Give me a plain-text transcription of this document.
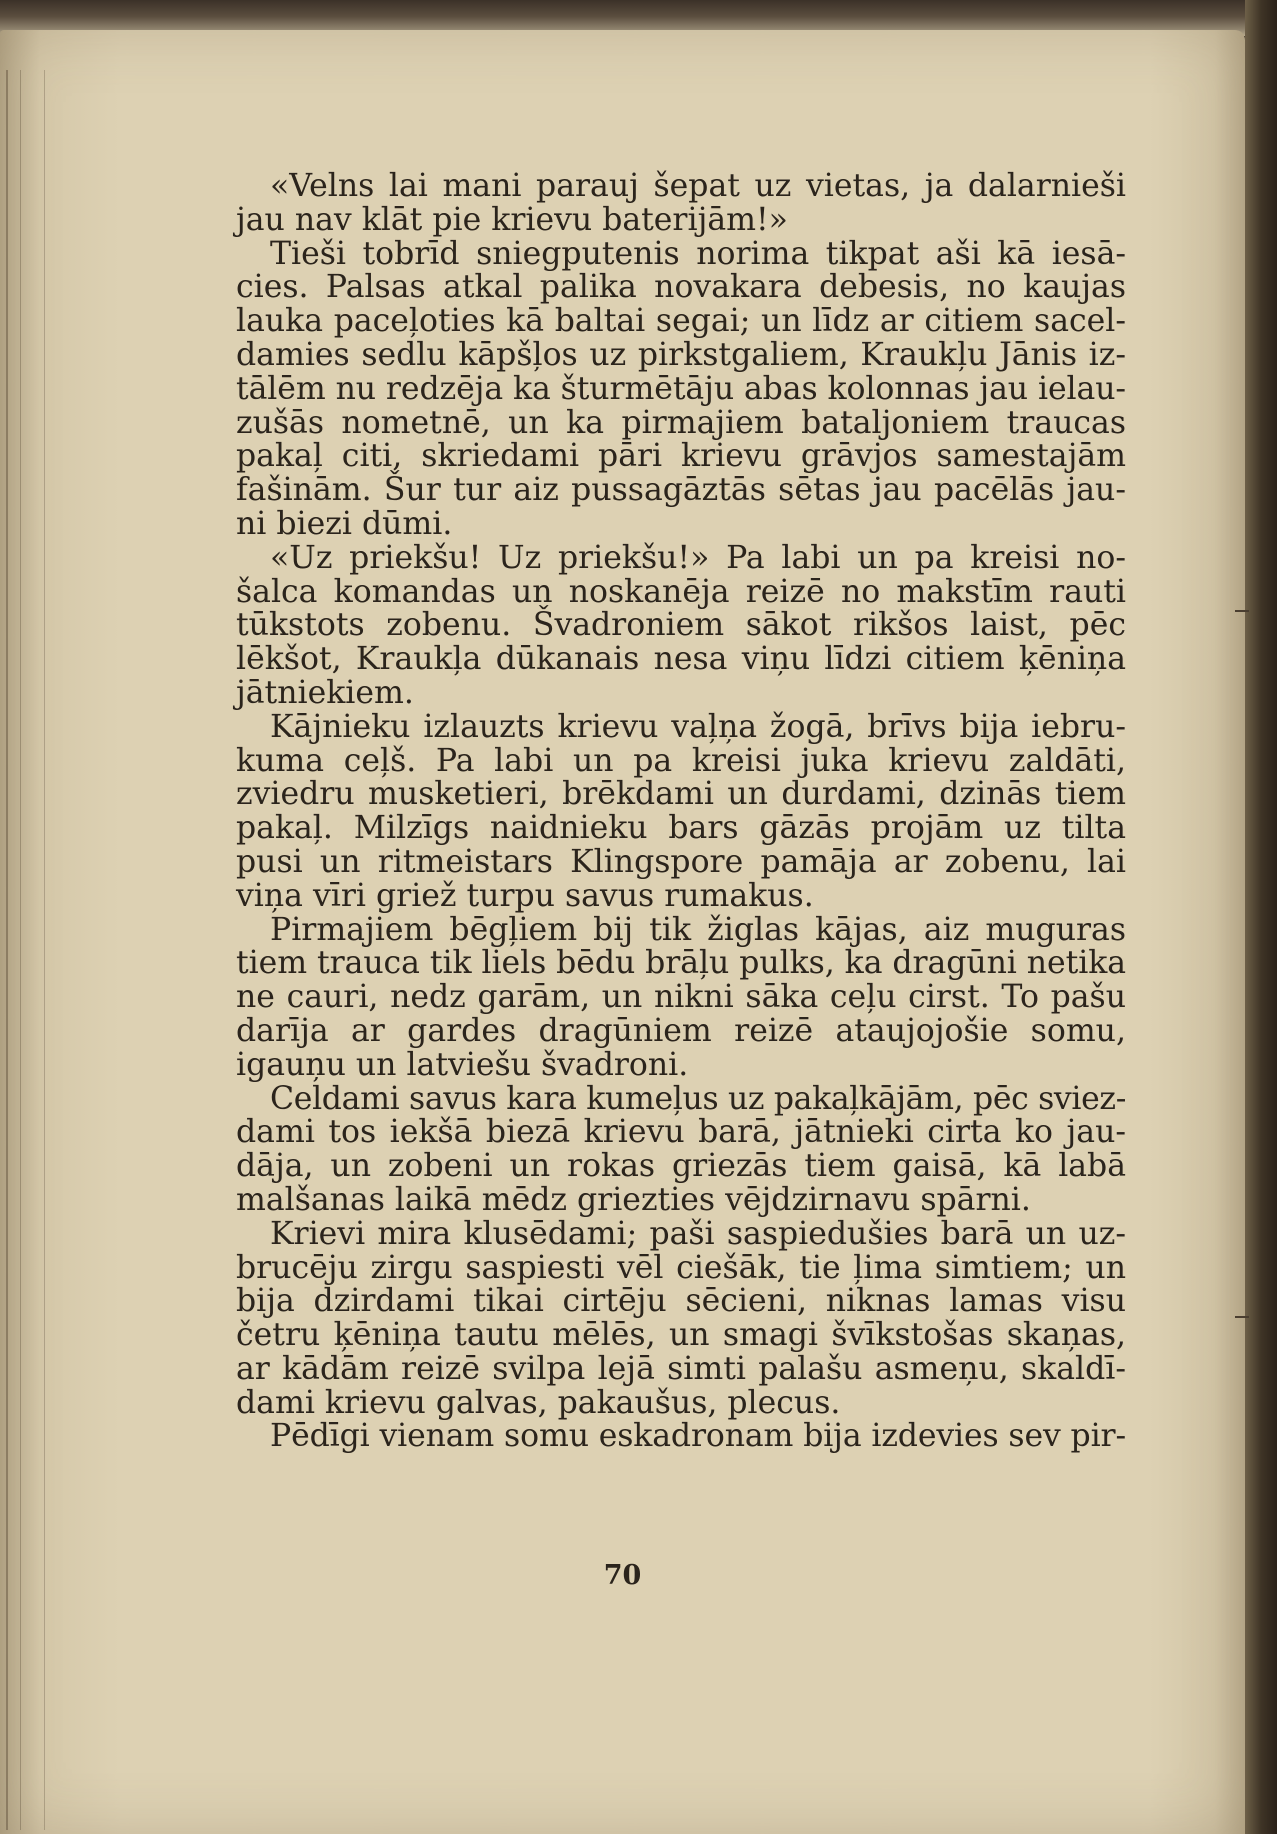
«Velns lai mani parauj šepat uz vietas, ja dalarnieši
jau nav klāt pie krievu baterijām!»
Tieši tobrīd sniegputenis norima tikpat aši kā iesā-
cies. Palsas atkal palika novakara debesis, no kaujas
lauka paceļoties kā baltai segai; un līdz ar citiem sacel-
damies sedlu kāpšļos uz pirkstgaliem, Kraukļu Jānis iz-
tālēm nu redzēja ka šturmētāju abas kolonnas jau ielau-
zušās nometnē, un ka pirmajiem bataljoniem traucas
pakaļ citi, skriedami pāri krievu grāvjos samestajām
fašinām. Šur tur aiz pussagāztās sētas jau pacēlās jau-
ni biezi dūmi.
«Uz priekšu! Uz priekšu!» Pa labi un pa kreisi no-
šalca komandas un noskanēja reizē no makstīm rauti
tūkstots zobenu. Švadroniem sākot rikšos laist, pēc
lēkšot, Kraukļa dūkanais nesa viņu līdzi citiem ķēniņa
jātniekiem.
Kājnieku izlauzts krievu vaļņa žogā, brīvs bija iebru-
kuma ceļš. Pa labi un pa kreisi juka krievu zaldāti,
zviedru musketieri, brēkdami un durdami, dzinās tiem
pakaļ. Milzīgs naidnieku bars gāzās projām uz tilta
pusi un ritmeistars Klingspore pamāja ar zobenu, lai
viņa vīri griež turpu savus rumakus.
Pirmajiem bēgļiem bij tik žiglas kājas, aiz muguras
tiem trauca tik liels bēdu brāļu pulks, ka dragūni netika
ne cauri, nedz garām, un nikni sāka ceļu cirst. To pašu
darīja ar gardes dragūniem reizē ataujojošie somu,
igauņu un latviešu švadroni.
Celdami savus kara kumeļus uz pakaļkājām, pēc sviez-
dami tos iekšā biezā krievu barā, jātnieki cirta ko jau-
dāja, un zobeni un rokas griezās tiem gaisā, kā labā
malšanas laikā mēdz griezties vējdzirnavu spārni.
Krievi mira klusēdami; paši saspiedušies barā un uz-
brucēju zirgu saspiesti vēl ciešāk, tie ļima simtiem; un
bija dzirdami tikai cirtēju sēcieni, niknas lamas visu
četru ķēniņa tautu mēlēs, un smagi švīkstošas skaņas,
ar kādām reizē svilpa lejā simti palašu asmeņu, skaldī-
dami krievu galvas, pakaušus, plecus.
Pēdīgi vienam somu eskadronam bija izdevies sev pir-
70
